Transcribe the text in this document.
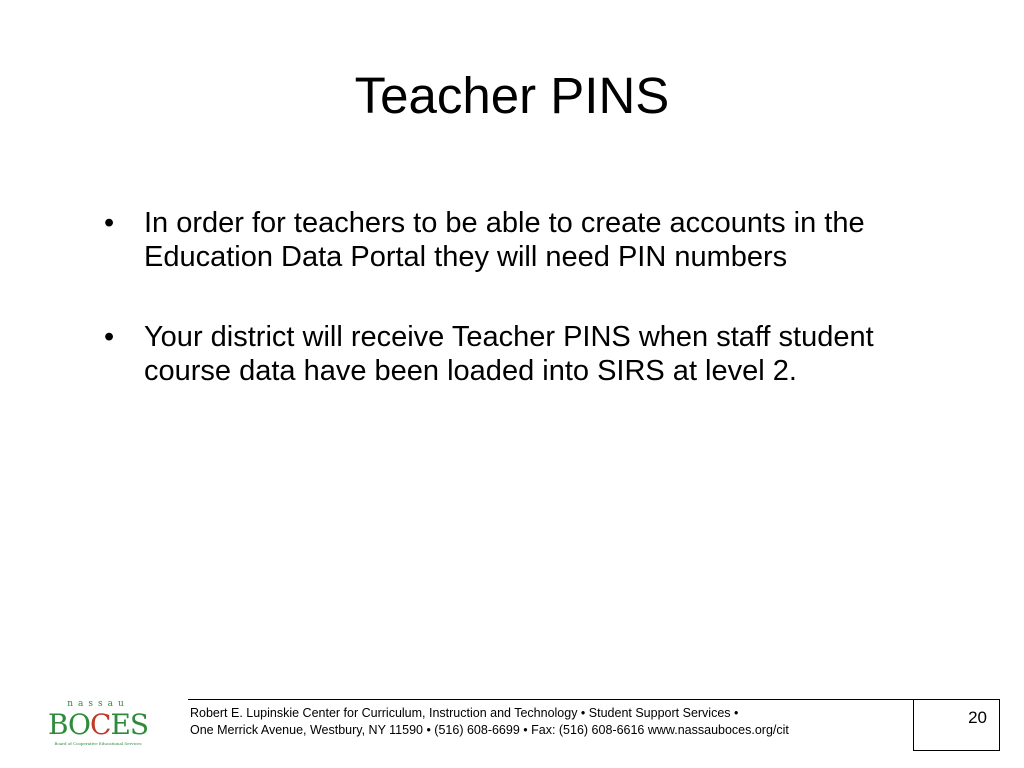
Teacher PINS
• In order for teachers to be able to create accounts in the Education Data Portal they will need PIN numbers
• Your district will receive Teacher PINS when staff student course data have been loaded into SIRS at level 2.
nassau
BOCES
Board of Cooperative Educational Services
Robert E. Lupinskie Center for Curriculum, Instruction and Technology • Student Support Services •
One Merrick Avenue, Westbury, NY 11590 • (516) 608-6699 • Fax: (516) 608-6616 www.nassauboces.org/cit
20
